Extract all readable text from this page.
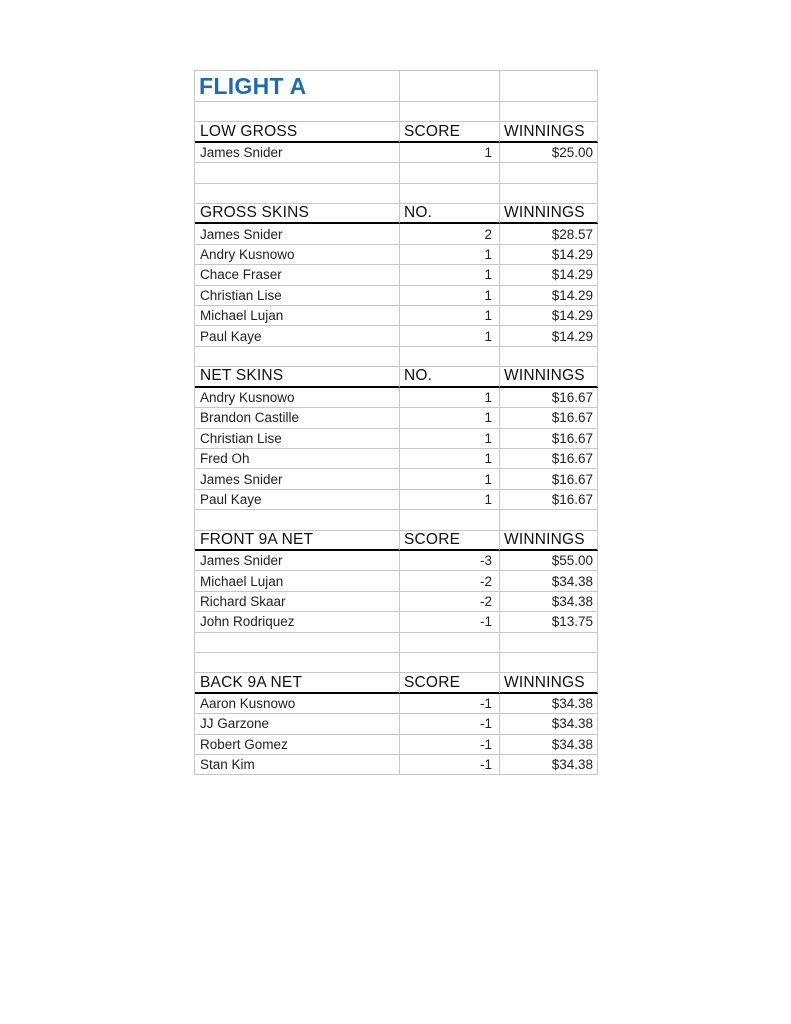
FLIGHT A
LOW GROSS	SCORE	WINNINGS
James Snider	1	$25.00
GROSS SKINS	NO.	WINNINGS
James Snider	2	$28.57
Andry Kusnowo	1	$14.29
Chace Fraser	1	$14.29
Christian Lise	1	$14.29
Michael Lujan	1	$14.29
Paul Kaye	1	$14.29
NET SKINS	NO.	WINNINGS
Andry Kusnowo	1	$16.67
Brandon Castille	1	$16.67
Christian Lise	1	$16.67
Fred Oh	1	$16.67
James Snider	1	$16.67
Paul Kaye	1	$16.67
FRONT 9A NET	SCORE	WINNINGS
James Snider	-3	$55.00
Michael Lujan	-2	$34.38
Richard Skaar	-2	$34.38
John Rodriquez	-1	$13.75
BACK 9A NET	SCORE	WINNINGS
Aaron Kusnowo	-1	$34.38
JJ Garzone	-1	$34.38
Robert Gomez	-1	$34.38
Stan Kim	-1	$34.38
